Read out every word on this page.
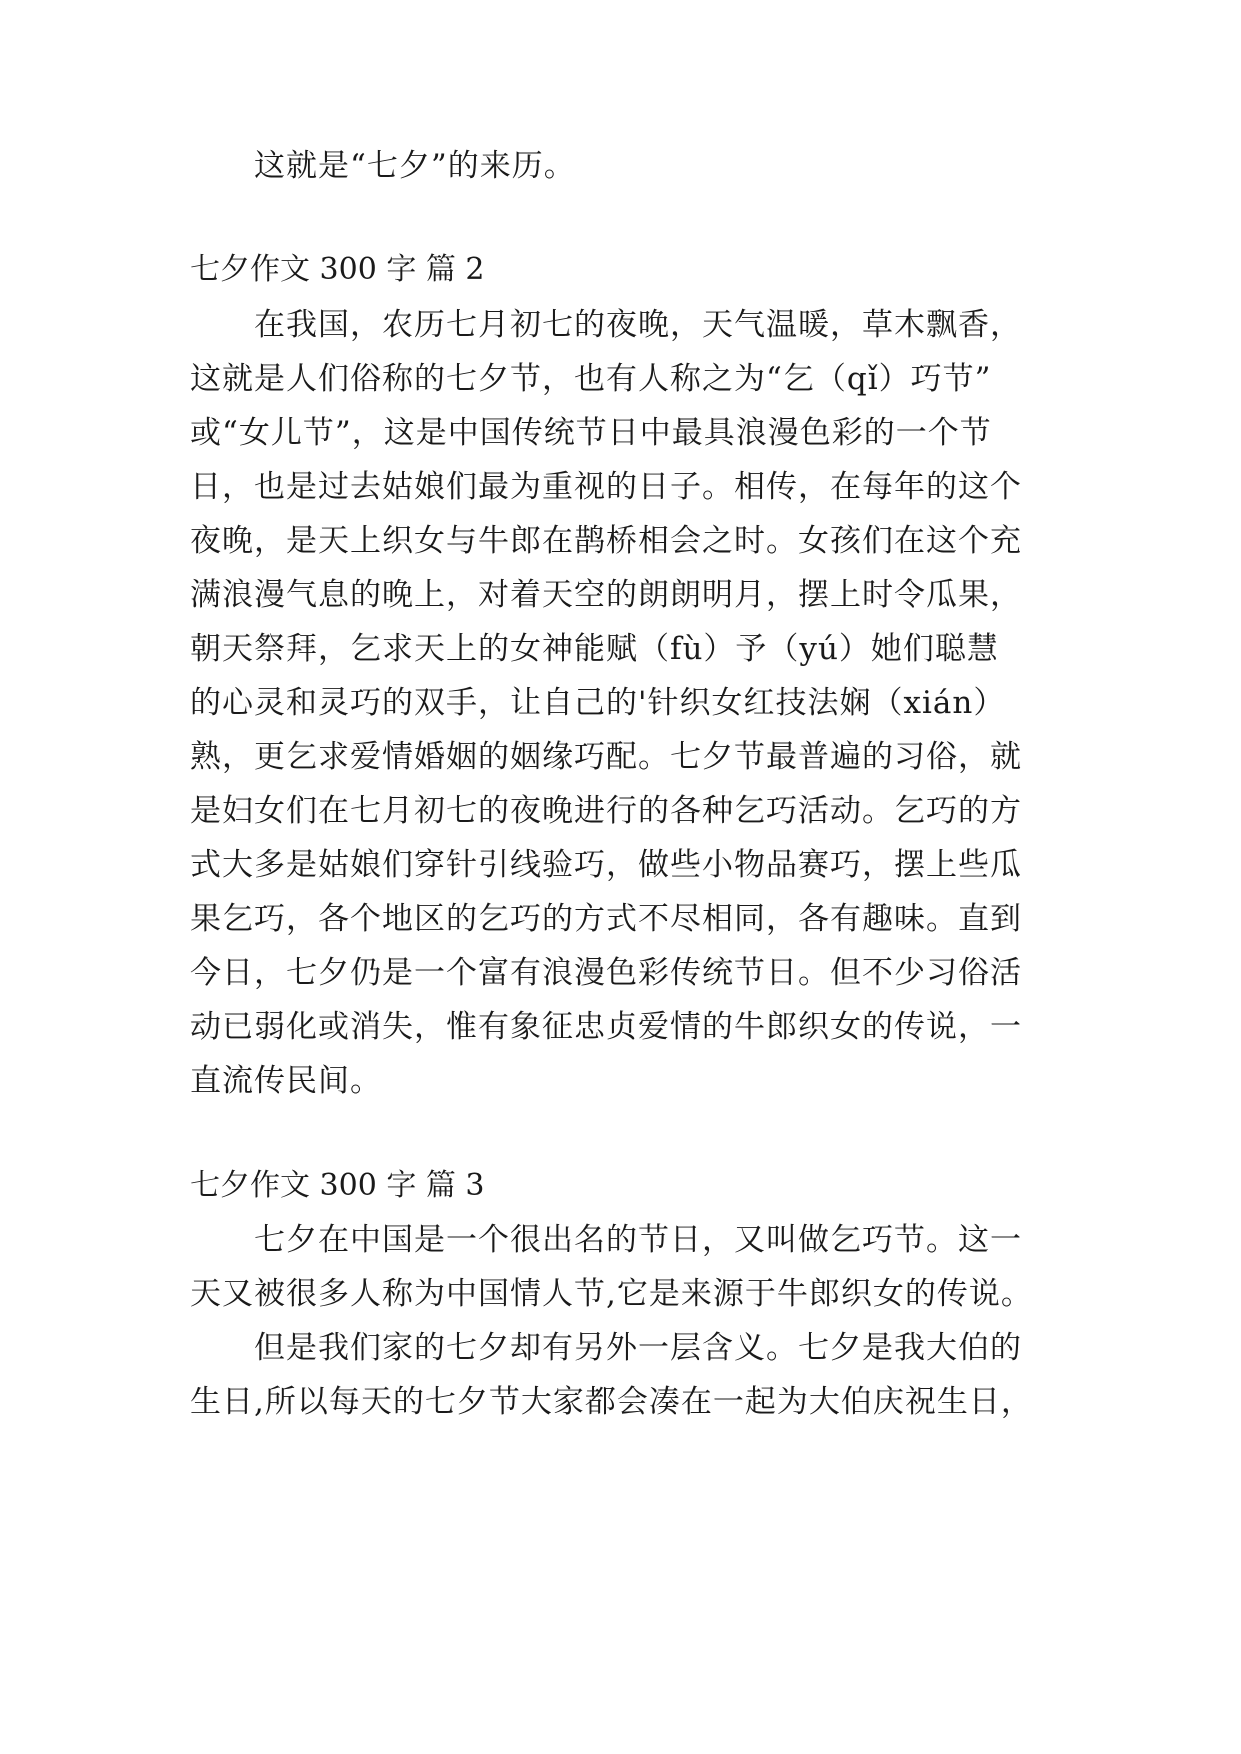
这就是“七夕”的来历。
七夕作文 300 字 篇 2
在我国，农历七月初七的夜晚，天气温暖，草木飘香，
这就是人们俗称的七夕节，也有人称之为“乞（qǐ）巧节”
或“女儿节”，这是中国传统节日中最具浪漫色彩的一个节
日，也是过去姑娘们最为重视的日子。相传，在每年的这个
夜晚，是天上织女与牛郎在鹊桥相会之时。女孩们在这个充
满浪漫气息的晚上，对着天空的朗朗明月，摆上时令瓜果，
朝天祭拜，乞求天上的女神能赋（fù）予（yú）她们聪慧
的心灵和灵巧的双手，让自己的'针织女红技法娴（xián）
熟，更乞求爱情婚姻的姻缘巧配。七夕节最普遍的习俗，就
是妇女们在七月初七的夜晚进行的各种乞巧活动。乞巧的方
式大多是姑娘们穿针引线验巧，做些小物品赛巧，摆上些瓜
果乞巧，各个地区的乞巧的方式不尽相同，各有趣味。直到
今日，七夕仍是一个富有浪漫色彩传统节日。但不少习俗活
动已弱化或消失，惟有象征忠贞爱情的牛郎织女的传说，一
直流传民间。
七夕作文 300 字 篇 3
七夕在中国是一个很出名的节日，又叫做乞巧节。这一
天又被很多人称为中国情人节,它是来源于牛郎织女的传说。
但是我们家的七夕却有另外一层含义。七夕是我大伯的
生日,所以每天的七夕节大家都会凑在一起为大伯庆祝生日，
